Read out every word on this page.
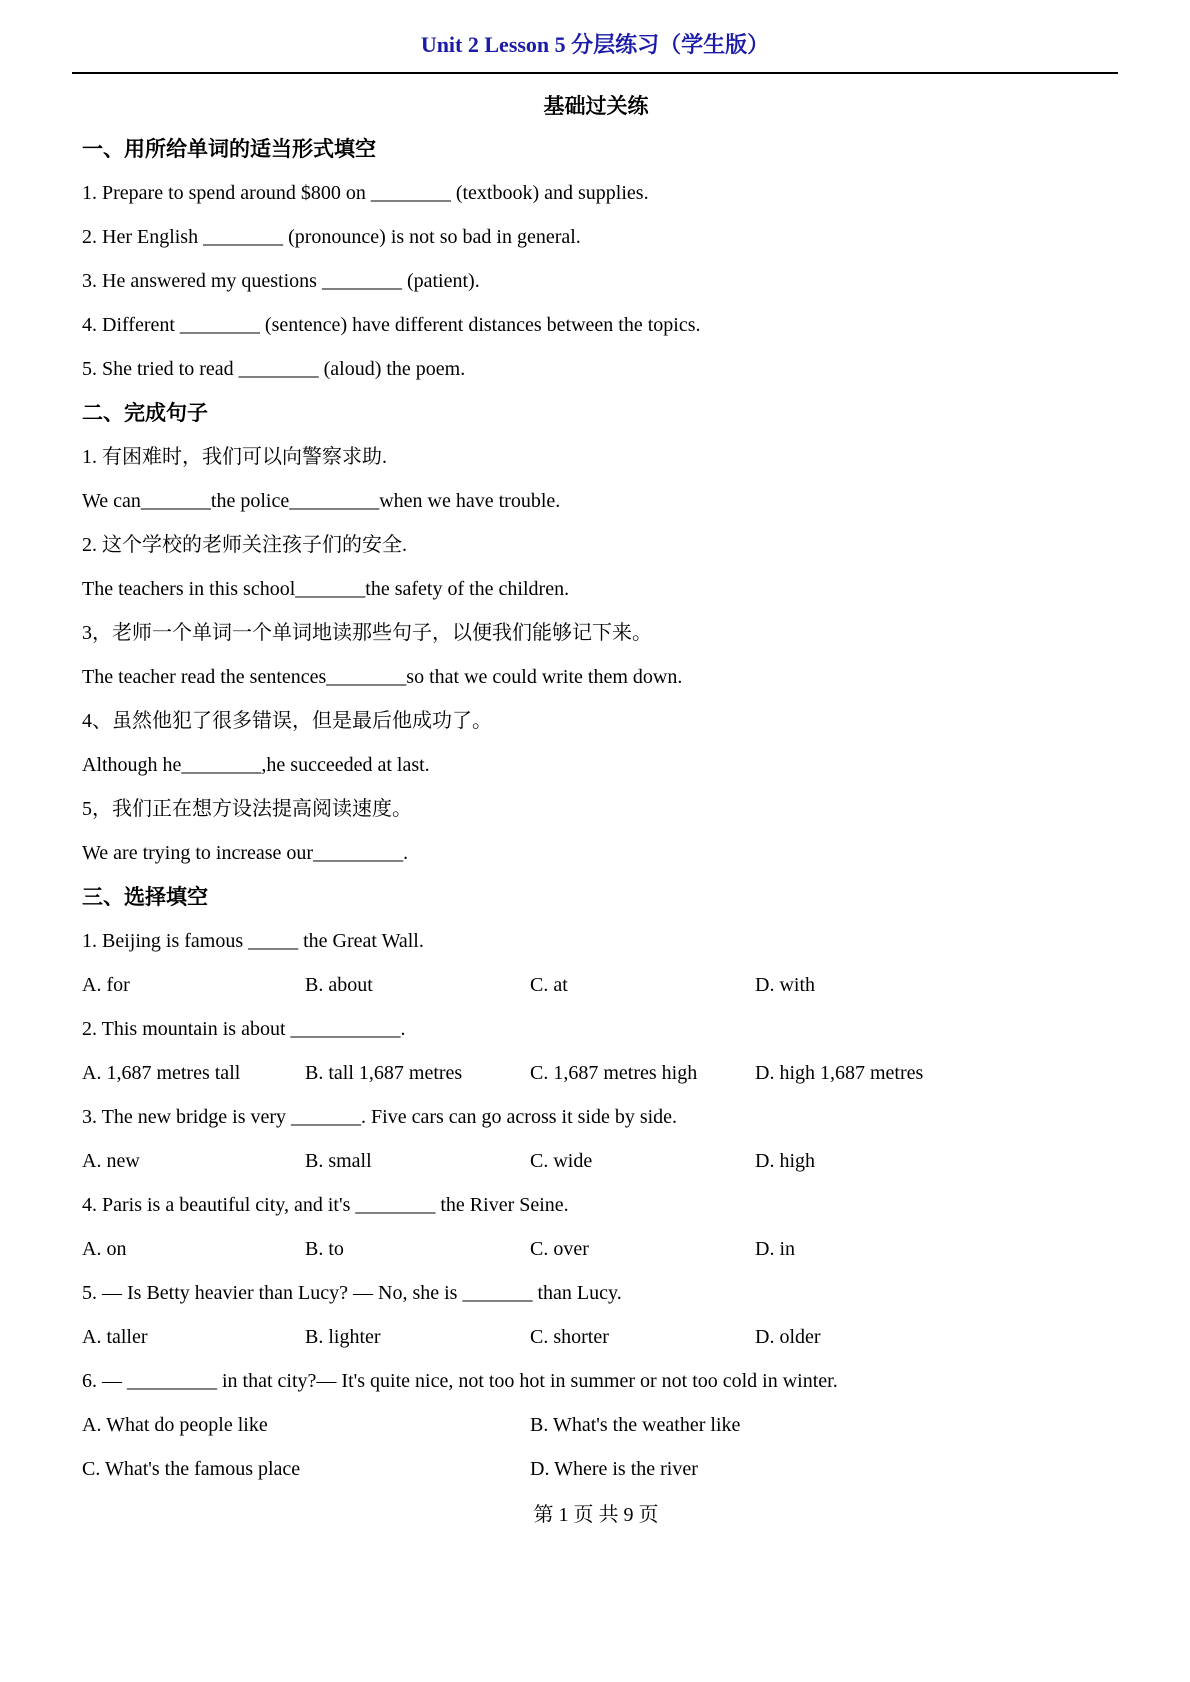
Unit 2 Lesson 5 分层练习（学生版）
基础过关练
一、用所给单词的适当形式填空

1. Prepare to spend around $800 on ________ (textbook) and supplies.

2. Her English ________ (pronounce) is not so bad in general.

3. He answered my questions ________ (patient).

4. Different ________ (sentence) have different distances between the topics.

5. She tried to read ________ (aloud) the poem.

二、完成句子

1. 有困难时，我们可以向警察求助.

We can_______the police_________when we have trouble.

2. 这个学校的老师关注孩子们的安全.

The teachers in this school_______the safety of the children.

3，老师一个单词一个单词地读那些句子，以便我们能够记下来。

The teacher read the sentences________so that we could write them down.

4、虽然他犯了很多错误，但是最后他成功了。

Although he________,he succeeded at last.

5，我们正在想方设法提高阅读速度。

We are trying to increase our_________.

三、选择填空

1. Beijing is famous _____ the Great Wall.

A. for	B. about	C. at	D. with

2. This mountain is about ___________.

A. 1,687 metres tall	B. tall 1,687 metres	C. 1,687 metres high	D. high 1,687 metres

3. The new bridge is very _______. Five cars can go across it side by side.

A. new	B. small	C. wide	D. high

4. Paris is a beautiful city, and it's ________ the River Seine.

A. on	B. to	C. over	D. in

5. — Is Betty heavier than Lucy? — No, she is _______ than Lucy.

A. taller	B. lighter	C. shorter	D. older

6. — _________ in that city?— It's quite nice, not too hot in summer or not too cold in winter.

A. What do people like	B. What's the weather like
C. What's the famous place	D. Where is the river
第 1 页 共 9 页
